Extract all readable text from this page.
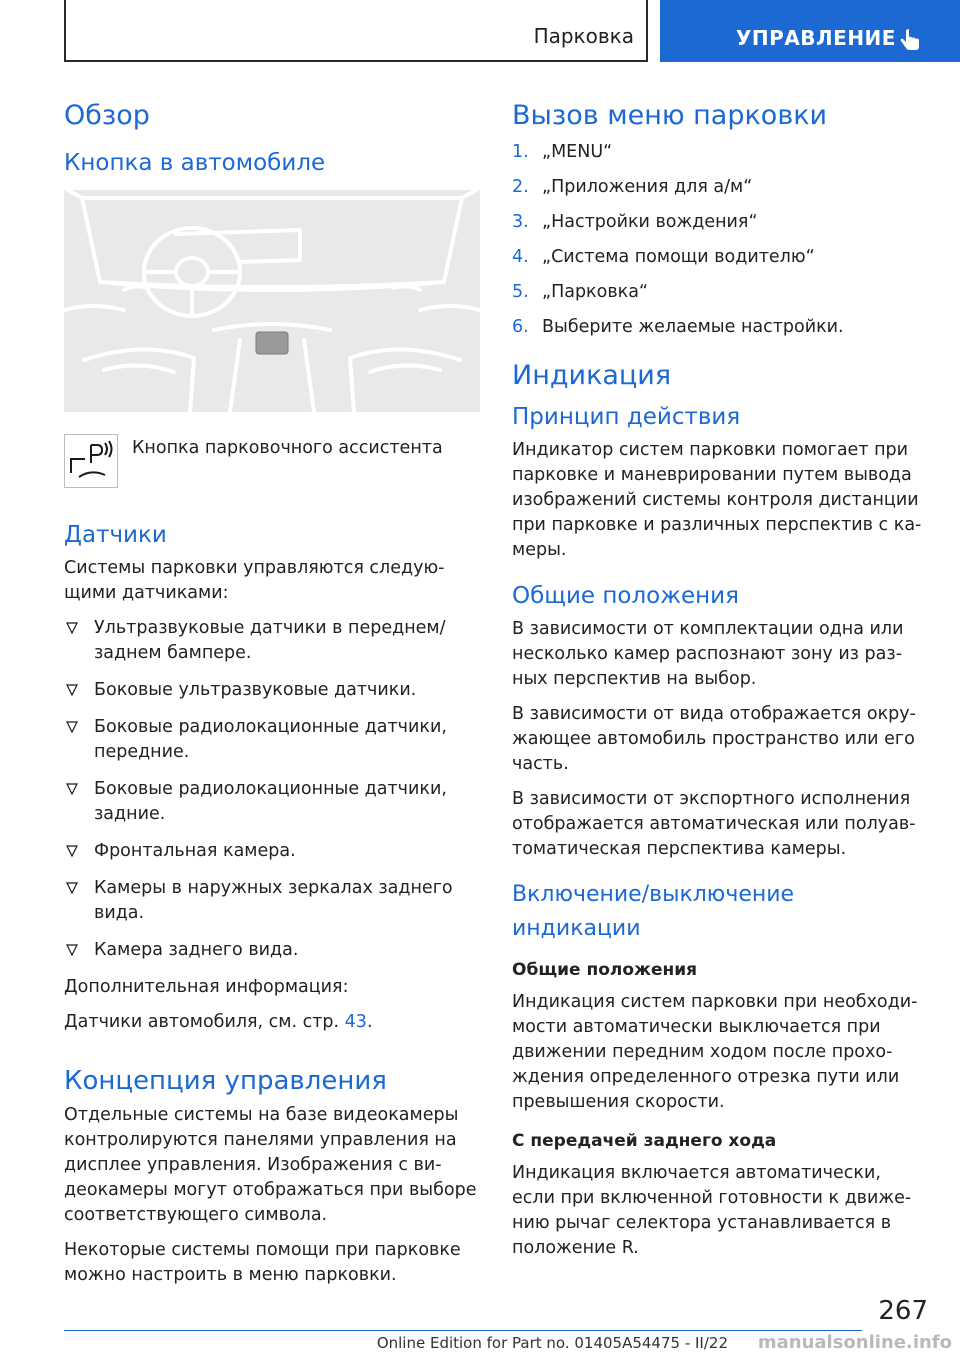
Парковка	УПРАВЛЕНИЕ
Обзор
Кнопка в автомобиле

Кнопка парковочного ассистента

Датчики

Системы парковки управляются следую‐щими датчиками:

Ультразвуковые датчики в переднем/заднем бампере.
Боковые ультразвуковые датчики.
Боковые радиолокационные датчики, передние.
Боковые радиолокационные датчики, задние.
Фронтальная камера.
Камеры в наружных зеркалах заднего вида.
Камера заднего вида.

Дополнительная информация:

Датчики автомобиля, см. стр. 43.

Концепция управления

Отдельные системы на базе видеокамеры контролируются панелями управления на дисплее управления. Изображения с ви‐деокамеры могут отображаться при выборе соответствующего символа.

Некоторые системы помощи при парковке можно настроить в меню парковки.

Вызов меню парковки
1. „MENU“
2. „Приложения для а/м“
3. „Настройки вождения“
4. „Система помощи водителю“
5. „Парковка“
6. Выберите желаемые настройки.
Индикация
Принцип действия

Индикатор систем парковки помогает при парковке и маневрировании путем вывода изображений системы контроля дистанции при парковке и различных перспектив с ка‐меры.

Общие положения

В зависимости от комплектации одна или несколько камер распознают зону из раз‐ных перспектив на выбор.

В зависимости от вида отображается окру‐жающее автомобиль пространство или его часть.

В зависимости от экспортного исполнения отображается автоматическая или полуав‐томатическая перспектива камеры.

Включение/выключение индикации
Общие положения

Индикация систем парковки при необходи‐мости автоматически выключается при движении передним ходом после прохо‐ждения определенного отрезка пути или превышения скорости.

С передачей заднего хода

Индикация включается автоматически, если при включенной готовности к движе‐нию рычаг селектора устанавливается в положение R.

267
Online Edition for Part no. 01405A54475 - II/22 manualsonline.info
